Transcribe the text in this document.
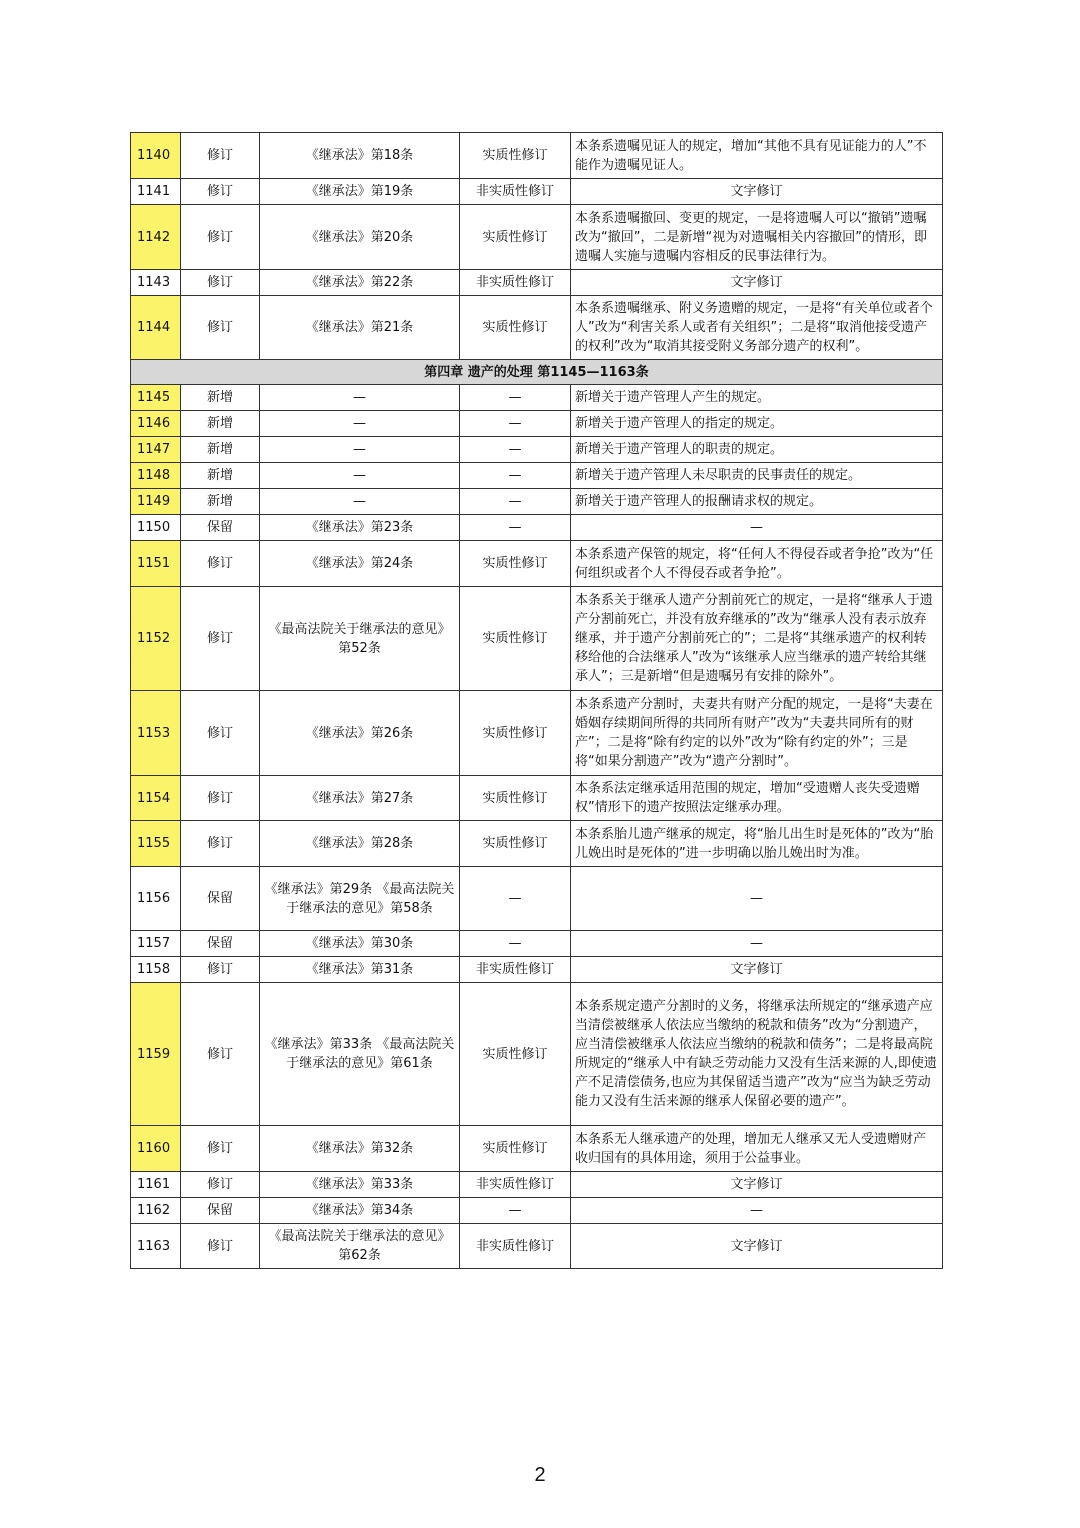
1140	修订	《继承法》第18条	实质性修订	本条系遗嘱见证人的规定，增加“其他不具有见证能力的人”不能作为遗嘱见证人。
1141	修订	《继承法》第19条	非实质性修订	文字修订
1142	修订	《继承法》第20条	实质性修订	本条系遗嘱撤回、变更的规定，一是将遗嘱人可以“撤销”遗嘱改为“撤回”，二是新增“视为对遗嘱相关内容撤回”的情形，即遗嘱人实施与遗嘱内容相反的民事法律行为。
1143	修订	《继承法》第22条	非实质性修订	文字修订
1144	修订	《继承法》第21条	实质性修订	本条系遗嘱继承、附义务遗赠的规定，一是将“有关单位或者个人”改为“利害关系人或者有关组织”；二是将“取消他接受遗产的权利”改为“取消其接受附义务部分遗产的权利”。
第四章 遗产的处理 第1145—1163条				
1145	新增	—	—	新增关于遗产管理人产生的规定。
1146	新增	—	—	新增关于遗产管理人的指定的规定。
1147	新增	—	—	新增关于遗产管理人的职责的规定。
1148	新增	—	—	新增关于遗产管理人未尽职责的民事责任的规定。
1149	新增	—	—	新增关于遗产管理人的报酬请求权的规定。
1150	保留	《继承法》第23条	—	—
1151	修订	《继承法》第24条	实质性修订	本条系遗产保管的规定，将“任何人不得侵吞或者争抢”改为“任何组织或者个人不得侵吞或者争抢”。
1152	修订	《最高法院关于继承法的意见》第52条	实质性修订	本条系关于继承人遗产分割前死亡的规定，一是将“继承人于遗产分割前死亡，并没有放弃继承的”改为“继承人没有表示放弃继承，并于遗产分割前死亡的”；二是将“其继承遗产的权利转移给他的合法继承人”改为“该继承人应当继承的遗产转给其继承人”；三是新增“但是遗嘱另有安排的除外”。
1153	修订	《继承法》第26条	实质性修订	本条系遗产分割时，夫妻共有财产分配的规定，一是将“夫妻在婚姻存续期间所得的共同所有财产”改为“夫妻共同所有的财产”；二是将“除有约定的以外”改为“除有约定的外”；三是将“如果分割遗产”改为“遗产分割时”。
1154	修订	《继承法》第27条	实质性修订	本条系法定继承适用范围的规定，增加“受遗赠人丧失受遗赠权”情形下的遗产按照法定继承办理。
1155	修订	《继承法》第28条	实质性修订	本条系胎儿遗产继承的规定，将“胎儿出生时是死体的”改为“胎儿娩出时是死体的”进一步明确以胎儿娩出时为准。
1156	保留	《继承法》第29条 《最高法院关于继承法的意见》第58条	—	—
1157	保留	《继承法》第30条	—	—
1158	修订	《继承法》第31条	非实质性修订	文字修订
1159	修订	《继承法》第33条 《最高法院关于继承法的意见》第61条	实质性修订	本条系规定遗产分割时的义务，将继承法所规定的“继承遗产应当清偿被继承人依法应当缴纳的税款和债务”改为“分割遗产，应当清偿被继承人依法应当缴纳的税款和债务”；二是将最高院所规定的“继承人中有缺乏劳动能力又没有生活来源的人,即使遗产不足清偿债务,也应为其保留适当遗产”改为“应当为缺乏劳动能力又没有生活来源的继承人保留必要的遗产”。
1160	修订	《继承法》第32条	实质性修订	本条系无人继承遗产的处理，增加无人继承又无人受遗赠财产收归国有的具体用途，须用于公益事业。
1161	修订	《继承法》第33条	非实质性修订	文字修订
1162	保留	《继承法》第34条	—	—
1163	修订	《最高法院关于继承法的意见》第62条	非实质性修订	文字修订
2
